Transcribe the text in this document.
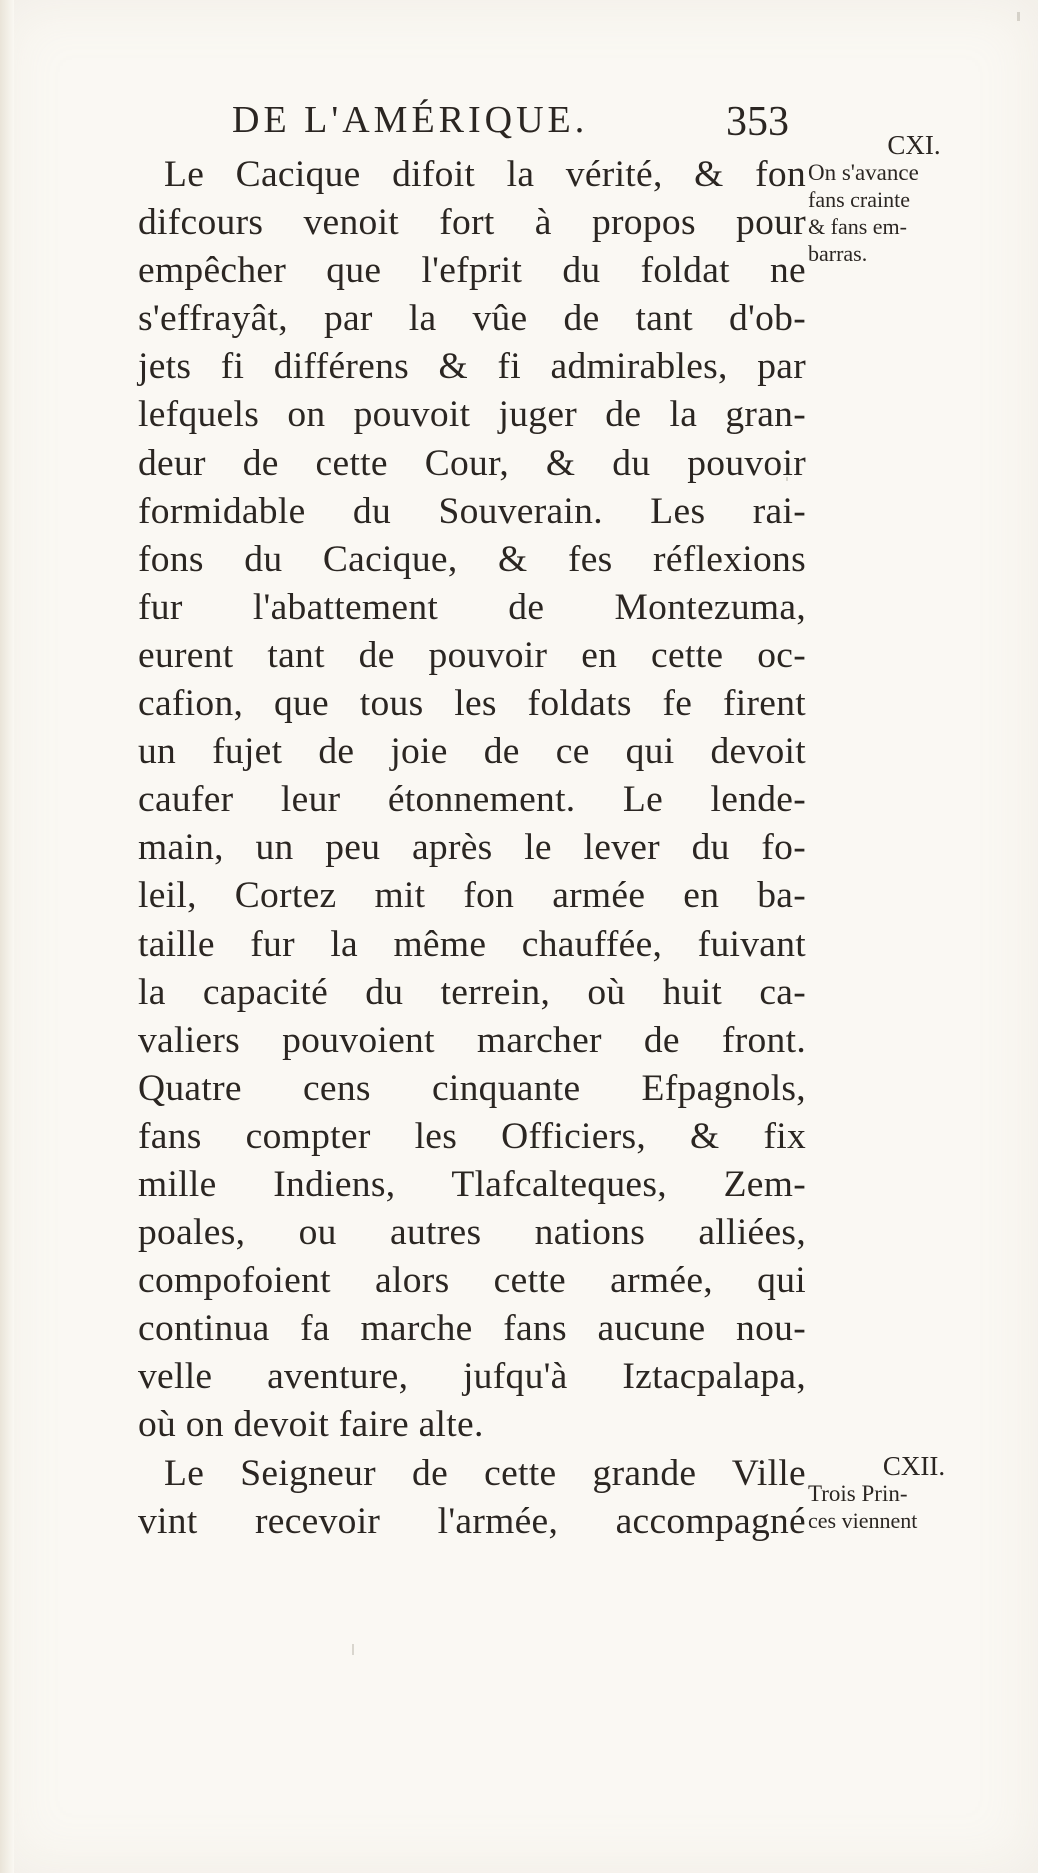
DE L'AMÉRIQUE.	353
Le Cacique difoit la vérité, & fon
difcours venoit fort à propos pour
empêcher que l'efprit du foldat ne
s'effrayât, par la vûe de tant d'ob-
jets fi différens & fi admirables, par
lefquels on pouvoit juger de la gran-
deur de cette Cour, & du pouvoir
formidable du Souverain. Les rai-
fons du Cacique, & fes réflexions
fur l'abattement de Montezuma,
eurent tant de pouvoir en cette oc-
cafion, que tous les foldats fe firent
un fujet de joie de ce qui devoit
caufer leur étonnement. Le lende-
main, un peu après le lever du fo-
leil, Cortez mit fon armée en ba-
taille fur la même chauffée, fuivant
la capacité du terrein, où huit ca-
valiers pouvoient marcher de front.
Quatre cens cinquante Efpagnols,
fans compter les Officiers, & fix
mille Indiens, Tlafcalteques, Zem-
poales, ou autres nations alliées,
compofoient alors cette armée, qui
continua fa marche fans aucune nou-
velle aventure, jufqu'à Iztacpalapa,
où on devoit faire alte.
Le Seigneur de cette grande Ville
vint recevoir l'armée, accompagné
CXI.
On s'avance
fans crainte
& fans em-
barras.
CXII.
Trois Prin-
ces viennent
